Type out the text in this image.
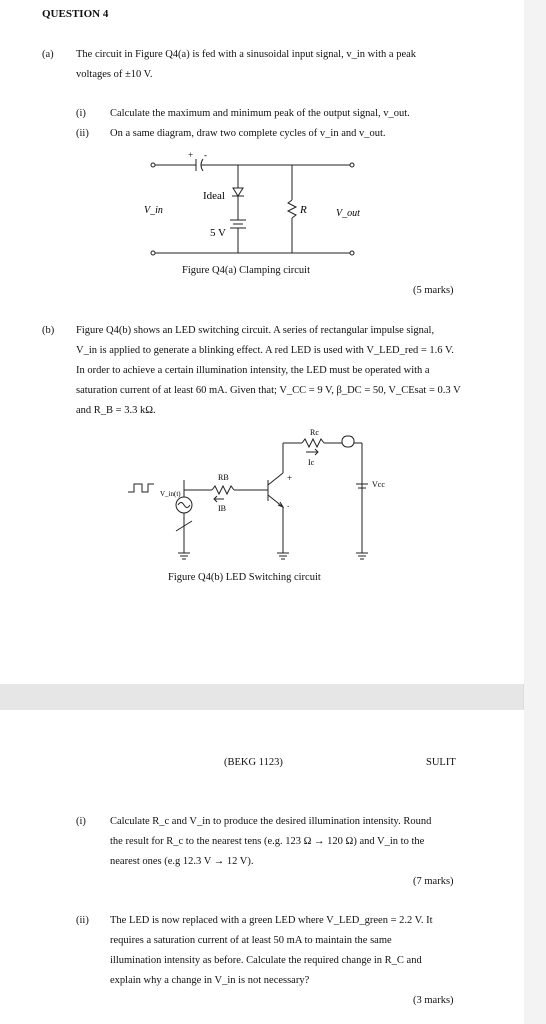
QUESTION 4
(a) The circuit in Figure Q4(a) is fed with a sinusoidal input signal, v_in with a peak
voltages of ±10 V.
(i) Calculate the maximum and minimum peak of the output signal, v_out.
(ii) On a same diagram, draw two complete cycles of v_in and v_out.
+ -
V_in
Ideal
5 V
R	V_out
Figure Q4(a) Clamping circuit
(5 marks)
(b) Figure Q4(b) shows an LED switching circuit. A series of rectangular impulse signal,
V_in is applied to generate a blinking effect. A red LED is used with V_LED_red = 1.6 V.
In order to achieve a certain illumination intensity, the LED must be operated with a
saturation current of at least 60 mA. Given that; V_CC = 9 V, β_DC = 50, V_CEsat = 0.3 V
and R_B = 3.3 kΩ.
Rc
Ic
RB
IB
V_in(t)
Vcc
+
.
Figure Q4(b) LED Switching circuit
(BEKG 1123)	SULIT
(i) Calculate R_c and V_in to produce the desired illumination intensity. Round
the result for R_c to the nearest tens (e.g. 123 Ω → 120 Ω) and V_in to the
nearest ones (e.g 12.3 V → 12 V).
(7 marks)
(ii) The LED is now replaced with a green LED where V_LED_green = 2.2 V. It
requires a saturation current of at least 50 mA to maintain the same
illumination intensity as before. Calculate the required change in R_C and
explain why a change in V_in is not necessary?
(3 marks)
